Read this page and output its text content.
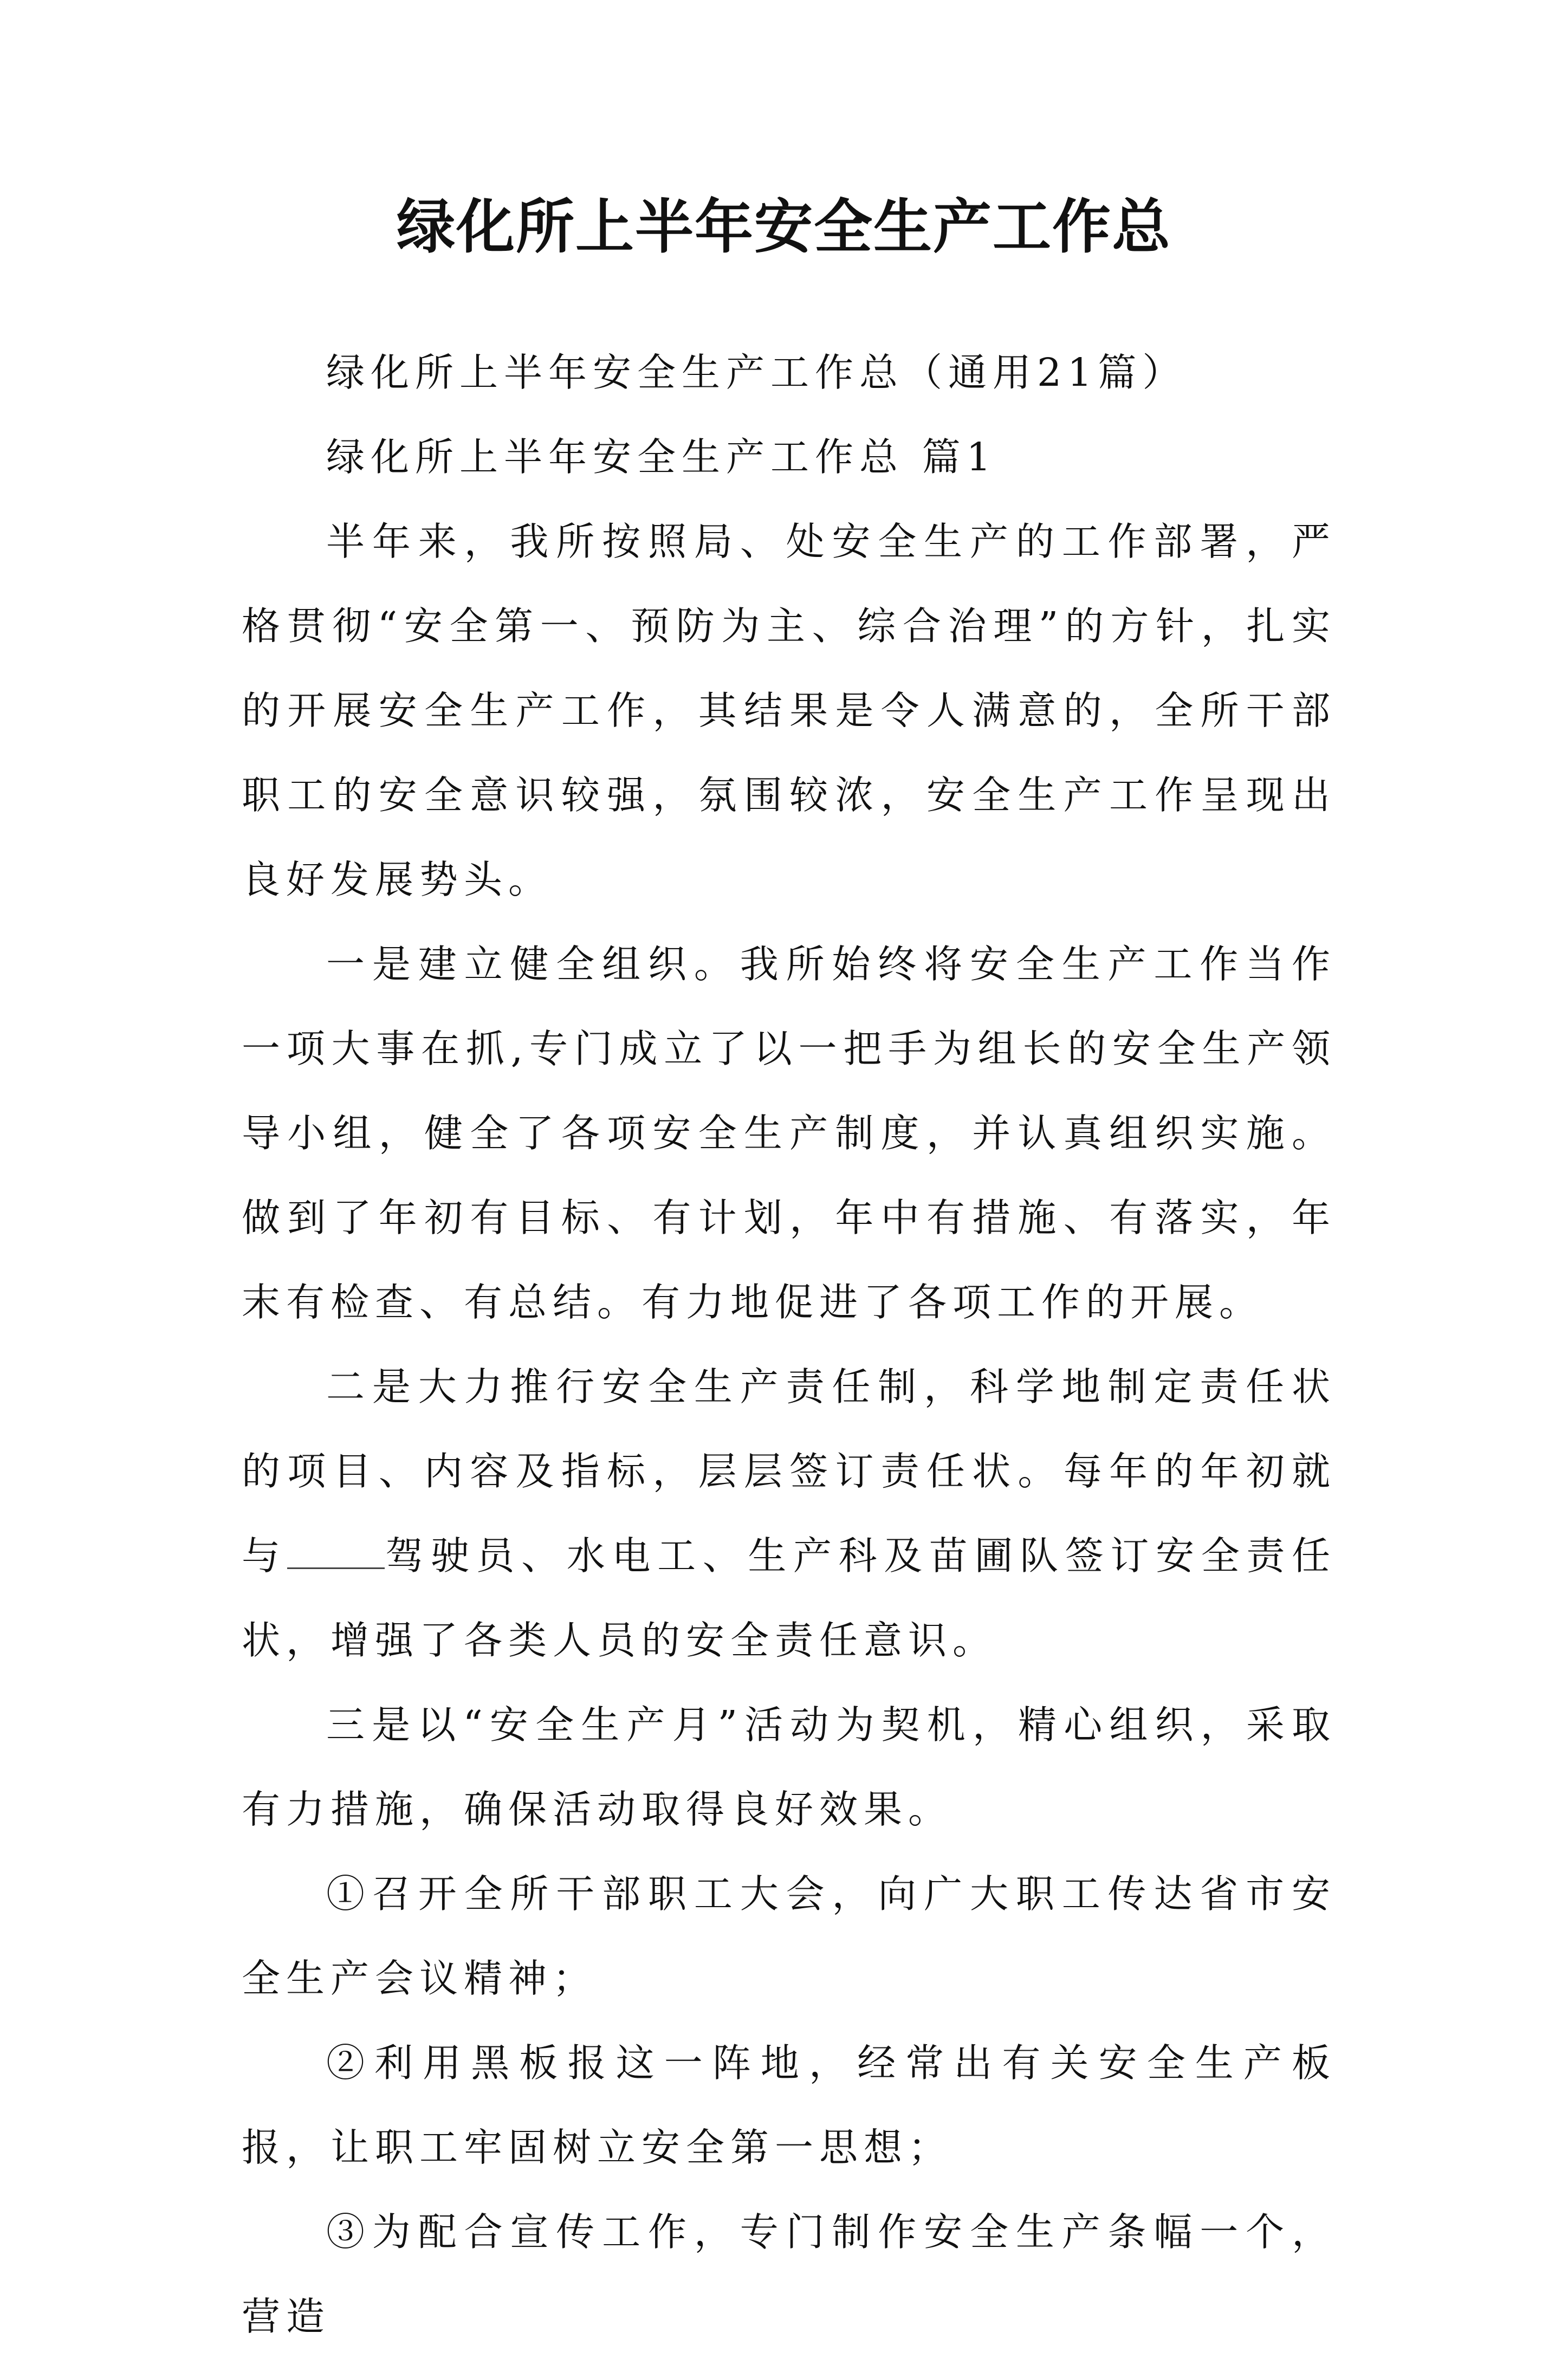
绿化所上半年安全生产工作总

绿化所上半年安全生产工作总（通用21篇）

绿化所上半年安全生产工作总 篇1

半年来，我所按照局、处安全生产的工作部署，严格贯彻“安全第一、预防为主、综合治理”的方针，扎实的开展安全生产工作，其结果是令人满意的，全所干部职工的安全意识较强，氛围较浓，安全生产工作呈现出良好发展势头。

一是建立健全组织。我所始终将安全生产工作当作一项大事在抓,专门成立了以一把手为组长的安全生产领导小组，健全了各项安全生产制度，并认真组织实施。做到了年初有目标、有计划，年中有措施、有落实，年末有检查、有总结。有力地促进了各项工作的开展。

二是大力推行安全生产责任制，科学地制定责任状的项目、内容及指标，层层签订责任状。每年的年初就与	驾驶员、水电工、生产科及苗圃队签订安全责任状，增强了各类人员的安全责任意识。

三是以“安全生产月”活动为契机，精心组织，采取有力措施，确保活动取得良好效果。

①召开全所干部职工大会，向广大职工传达省市安全生产会议精神；

②利用黑板报这一阵地，经常出有关安全生产板报，让职工牢固树立安全第一思想；

③为配合宣传工作，专门制作安全生产条幅一个，营造
